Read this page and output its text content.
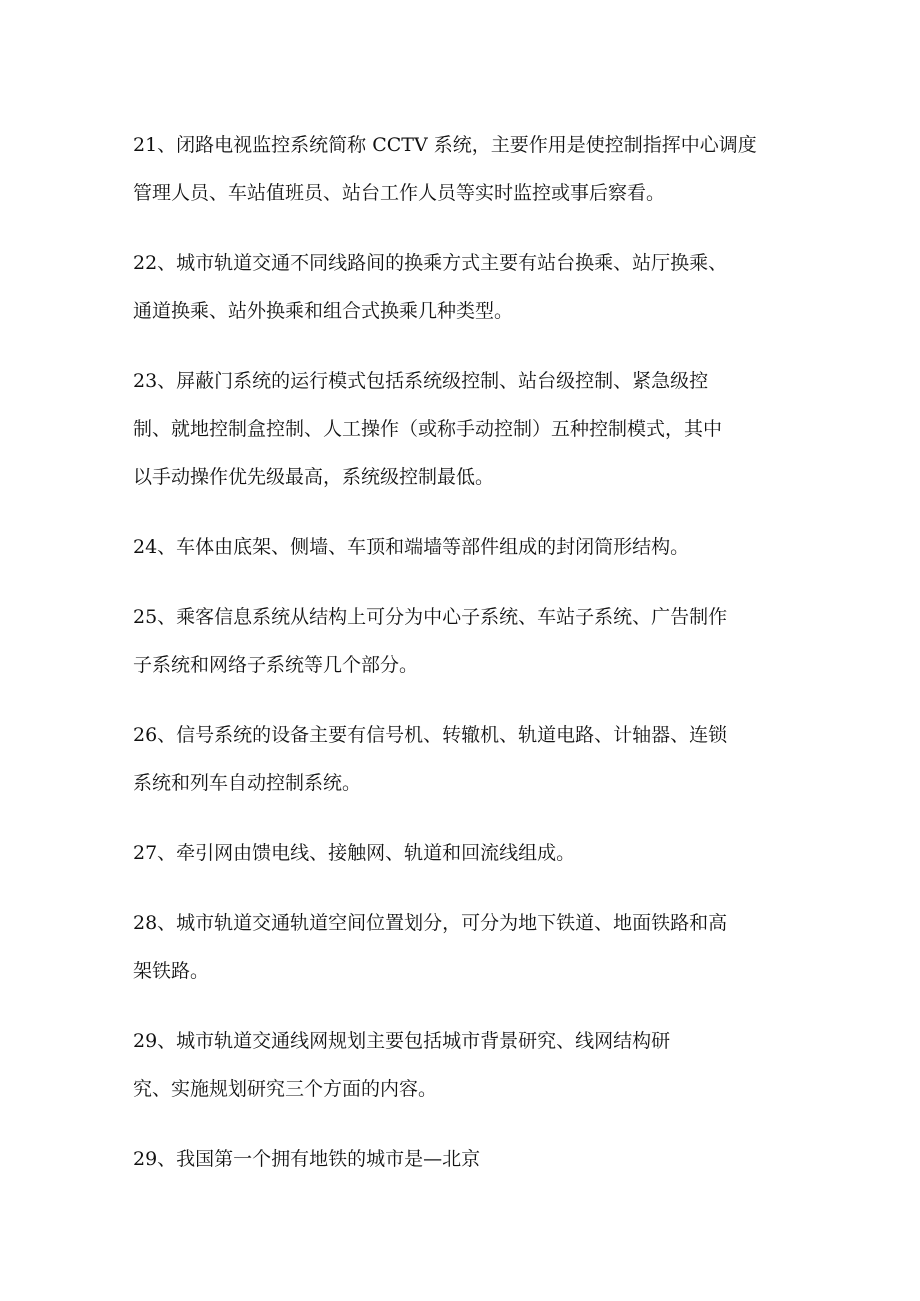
21、闭路电视监控系统简称 CCTV 系统，主要作用是使控制指挥中心调度
管理人员、车站值班员、站台工作人员等实时监控或事后察看。

22、城市轨道交通不同线路间的换乘方式主要有站台换乘、站厅换乘、
通道换乘、站外换乘和组合式换乘几种类型。

23、屏蔽门系统的运行模式包括系统级控制、站台级控制、紧急级控
制、就地控制盒控制、人工操作（或称手动控制）五种控制模式，其中
以手动操作优先级最高，系统级控制最低。

24、车体由底架、侧墙、车顶和端墙等部件组成的封闭筒形结构。

25、乘客信息系统从结构上可分为中心子系统、车站子系统、广告制作
子系统和网络子系统等几个部分。

26、信号系统的设备主要有信号机、转辙机、轨道电路、计轴器、连锁
系统和列车自动控制系统。

27、牵引网由馈电线、接触网、轨道和回流线组成。

28、城市轨道交通轨道空间位置划分，可分为地下铁道、地面铁路和高
架铁路。

29、城市轨道交通线网规划主要包括城市背景研究、线网结构研
究、实施规划研究三个方面的内容。

29、我国第一个拥有地铁的城市是—北京
